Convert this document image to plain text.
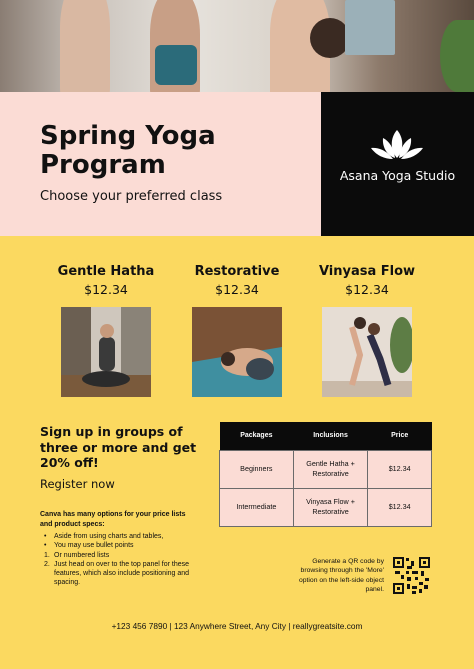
Spring Yoga Program
Choose your preferred class
Asana Yoga Studio
Gentle Hatha
$12.34
Restorative
$12.34
Vinyasa Flow
$12.34
Sign up in groups of three or more and get 20% off!
Register now
Canva has many options for your price lists and product specs:
• Aside from using charts and tables,
• You may use bullet points
1. Or numbered lists
2. Just head on over to the top panel for these features, which also include positioning and spacing.
Packages	Inclusions	Price
Beginners	Gentle Hatha + Restorative	$12.34
Intermediate	Vinyasa Flow + Restorative	$12.34
Generate a QR code by browsing through the 'More' option on the left-side object panel.
+123 456 7890 | 123 Anywhere Street, Any City | reallygreatsite.com
